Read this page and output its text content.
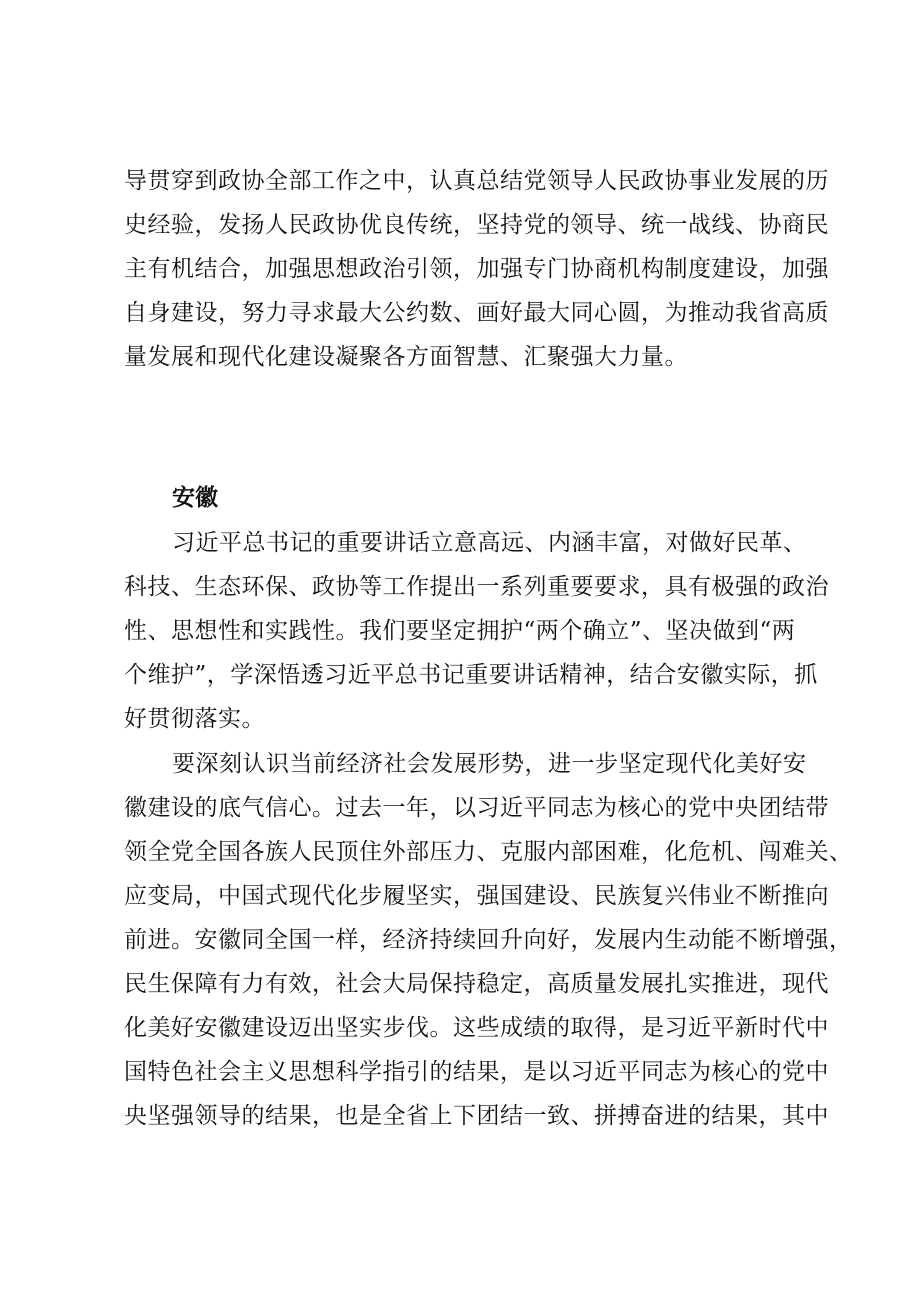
导贯穿到政协全部工作之中，认真总结党领导人民政协事业发展的历

史经验，发扬人民政协优良传统，坚持党的领导、统一战线、协商民

主有机结合，加强思想政治引领，加强专门协商机构制度建设，加强

自身建设，努力寻求最大公约数、画好最大同心圆，为推动我省高质

量发展和现代化建设凝聚各方面智慧、汇聚强大力量。

安徽

习近平总书记的重要讲话立意高远、内涵丰富，对做好民革、

科技、生态环保、政协等工作提出一系列重要要求，具有极强的政治

性、思想性和实践性。我们要坚定拥护“两个确立”、坚决做到“两

个维护”，学深悟透习近平总书记重要讲话精神，结合安徽实际，抓

好贯彻落实。

要深刻认识当前经济社会发展形势，进一步坚定现代化美好安

徽建设的底气信心。过去一年，以习近平同志为核心的党中央团结带

领全党全国各族人民顶住外部压力、克服内部困难，化危机、闯难关、

应变局，中国式现代化步履坚实，强国建设、民族复兴伟业不断推向

前进。安徽同全国一样，经济持续回升向好，发展内生动能不断增强，

民生保障有力有效，社会大局保持稳定，高质量发展扎实推进，现代

化美好安徽建设迈出坚实步伐。这些成绩的取得，是习近平新时代中

国特色社会主义思想科学指引的结果，是以习近平同志为核心的党中

央坚强领导的结果，也是全省上下团结一致、拼搏奋进的结果，其中
